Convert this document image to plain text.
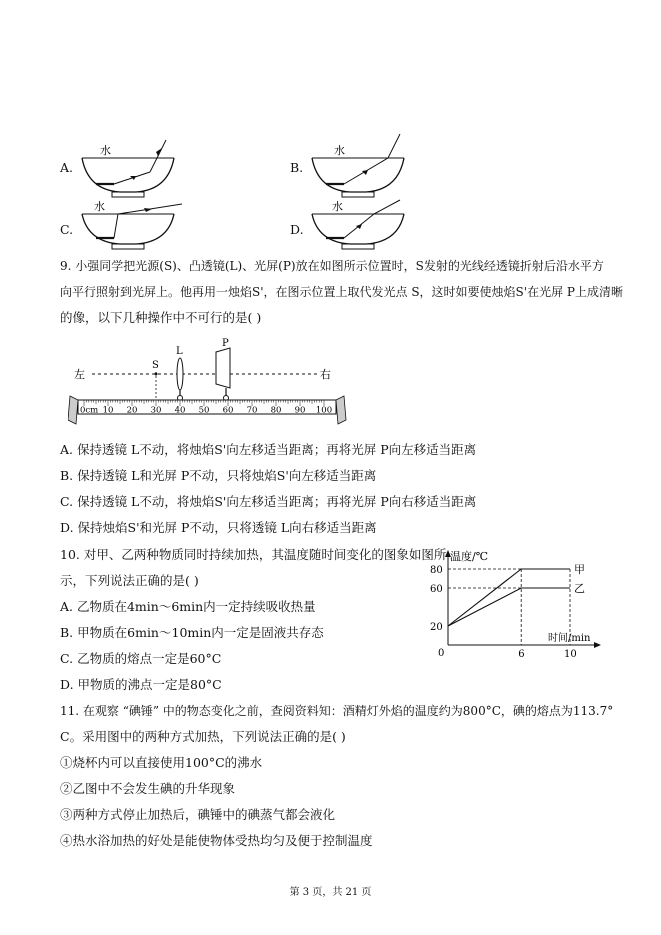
A.
水
B.
水
C.
水
D.
水
9. 小强同学把光源(S)、凸透镜(L)、光屏(P)放在如图所示位置时，S发射的光线经透镜折射后沿水平方
向平行照射到光屏上。他再用一烛焰S'，在图示位置上取代发光点 S，这时如要使烛焰S'在光屏 P上成清晰
的像，以下几种操作中不可行的是( )
左	右
S
L
P
0cm 10 20 30 40 50 60 70 80 90 100
A. 保持透镜 L不动，将烛焰S'向左移适当距离；再将光屏 P向左移适当距离
B. 保持透镜 L和光屏 P不动，只将烛焰S'向左移适当距离
C. 保持透镜 L不动，将烛焰S'向左移适当距离；再将光屏 P向右移适当距离
D. 保持烛焰S'和光屏 P不动，只将透镜 L向右移适当距离
10. 对甲、乙两种物质同时持续加热，其温度随时间变化的图象如图所
示，下列说法正确的是( )
A. 乙物质在4min～6min内一定持续吸收热量
B. 甲物质在6min～10min内一定是固液共存态
C. 乙物质的熔点一定是60°C
D. 甲物质的沸点一定是80°C
温度/℃
时间/min
0
20
60
80
6	10
甲
乙
11. 在观察 “碘锤” 中的物态变化之前，查阅资料知：酒精灯外焰的温度约为800°C，碘的熔点为113.7°
C。采用图中的两种方式加热，下列说法正确的是( )
①烧杯内可以直接使用100°C的沸水
②乙图中不会发生碘的升华现象
③两种方式停止加热后，碘锤中的碘蒸气都会液化
④热水浴加热的好处是能使物体受热均匀及便于控制温度
第 3 页，共 21 页
